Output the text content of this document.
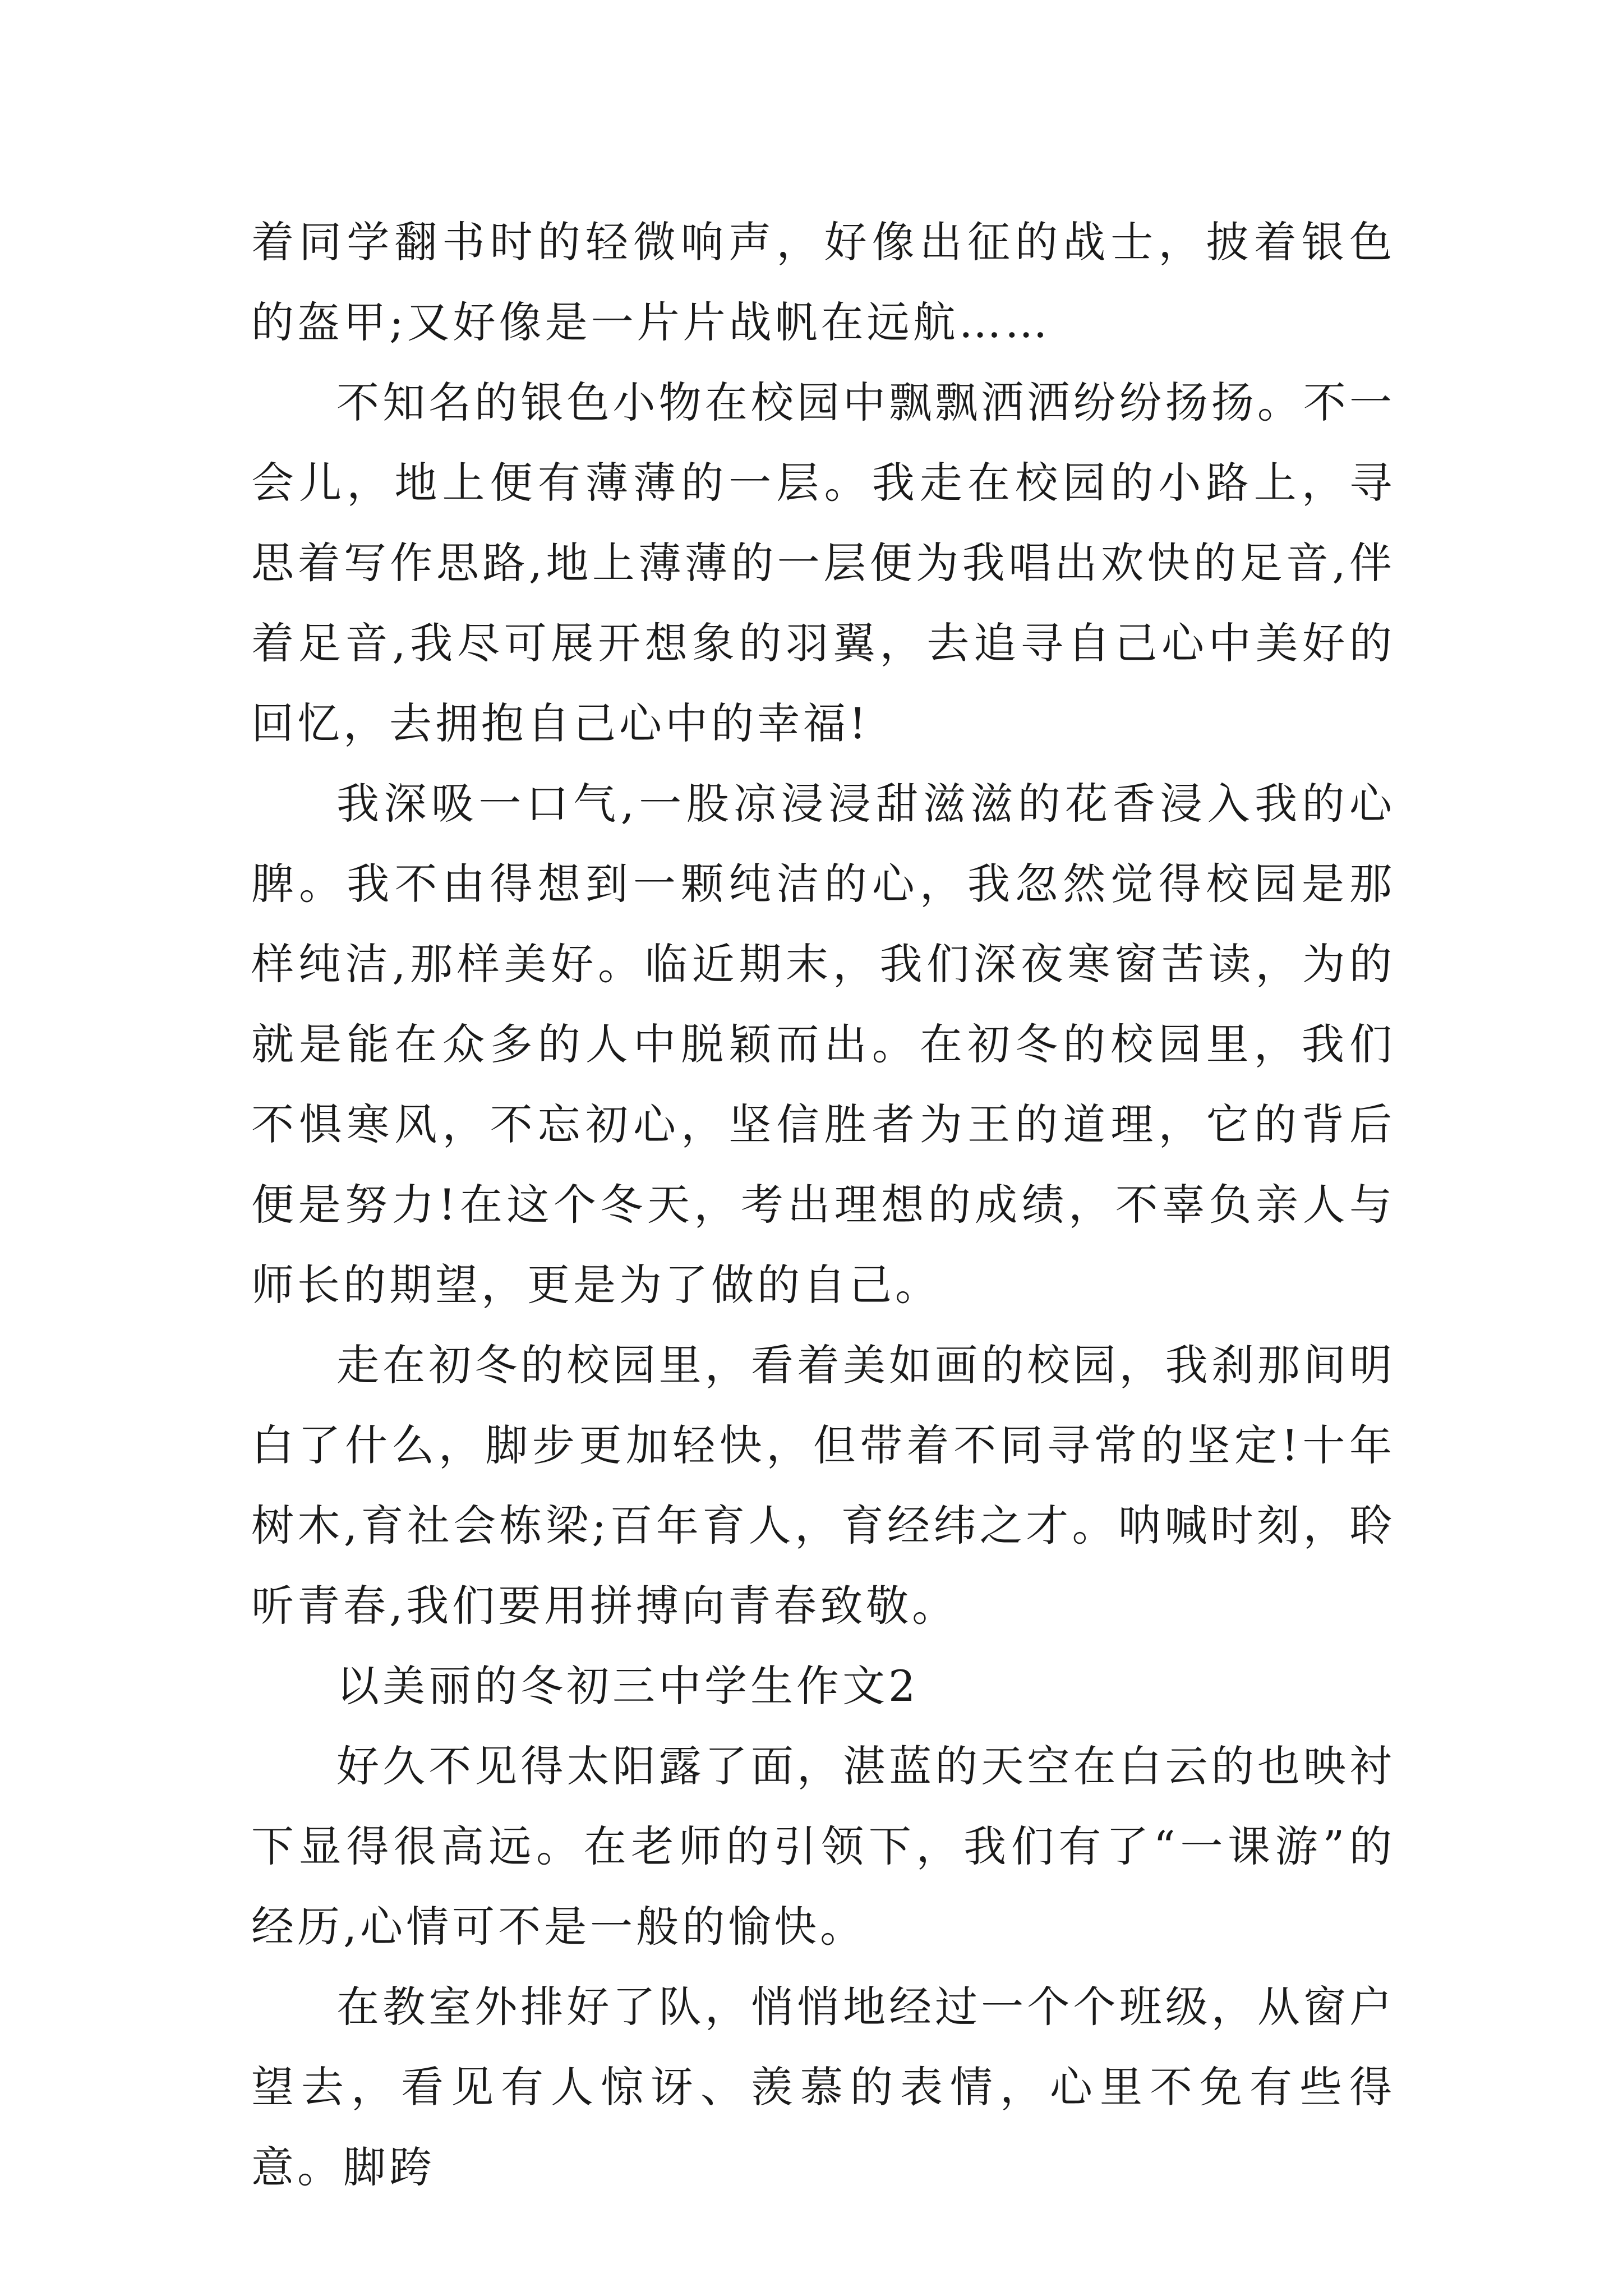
着同学翻书时的轻微响声，好像出征的战士，披着银色的盔甲;又好像是一片片战帆在远航……

不知名的银色小物在校园中飘飘洒洒纷纷扬扬。不一会儿，地上便有薄薄的一层。我走在校园的小路上，寻思着写作思路,地上薄薄的一层便为我唱出欢快的足音,伴着足音,我尽可展开想象的羽翼，去追寻自己心中美好的回忆，去拥抱自己心中的幸福!

我深吸一口气,一股凉浸浸甜滋滋的花香浸入我的心脾。我不由得想到一颗纯洁的心，我忽然觉得校园是那样纯洁,那样美好。临近期末，我们深夜寒窗苦读，为的就是能在众多的人中脱颖而出。在初冬的校园里，我们不惧寒风，不忘初心，坚信胜者为王的道理，它的背后便是努力!在这个冬天，考出理想的成绩，不辜负亲人与师长的期望，更是为了做的自己。

走在初冬的校园里，看着美如画的校园，我刹那间明白了什么，脚步更加轻快，但带着不同寻常的坚定!十年树木,育社会栋梁;百年育人，育经纬之才。呐喊时刻，聆听青春,我们要用拼搏向青春致敬。

以美丽的冬初三中学生作文2

好久不见得太阳露了面，湛蓝的天空在白云的也映衬下显得很高远。在老师的引领下，我们有了“一课游”的经历,心情可不是一般的愉快。

在教室外排好了队，悄悄地经过一个个班级，从窗户望去，看见有人惊讶、羡慕的表情，心里不免有些得意。脚跨
